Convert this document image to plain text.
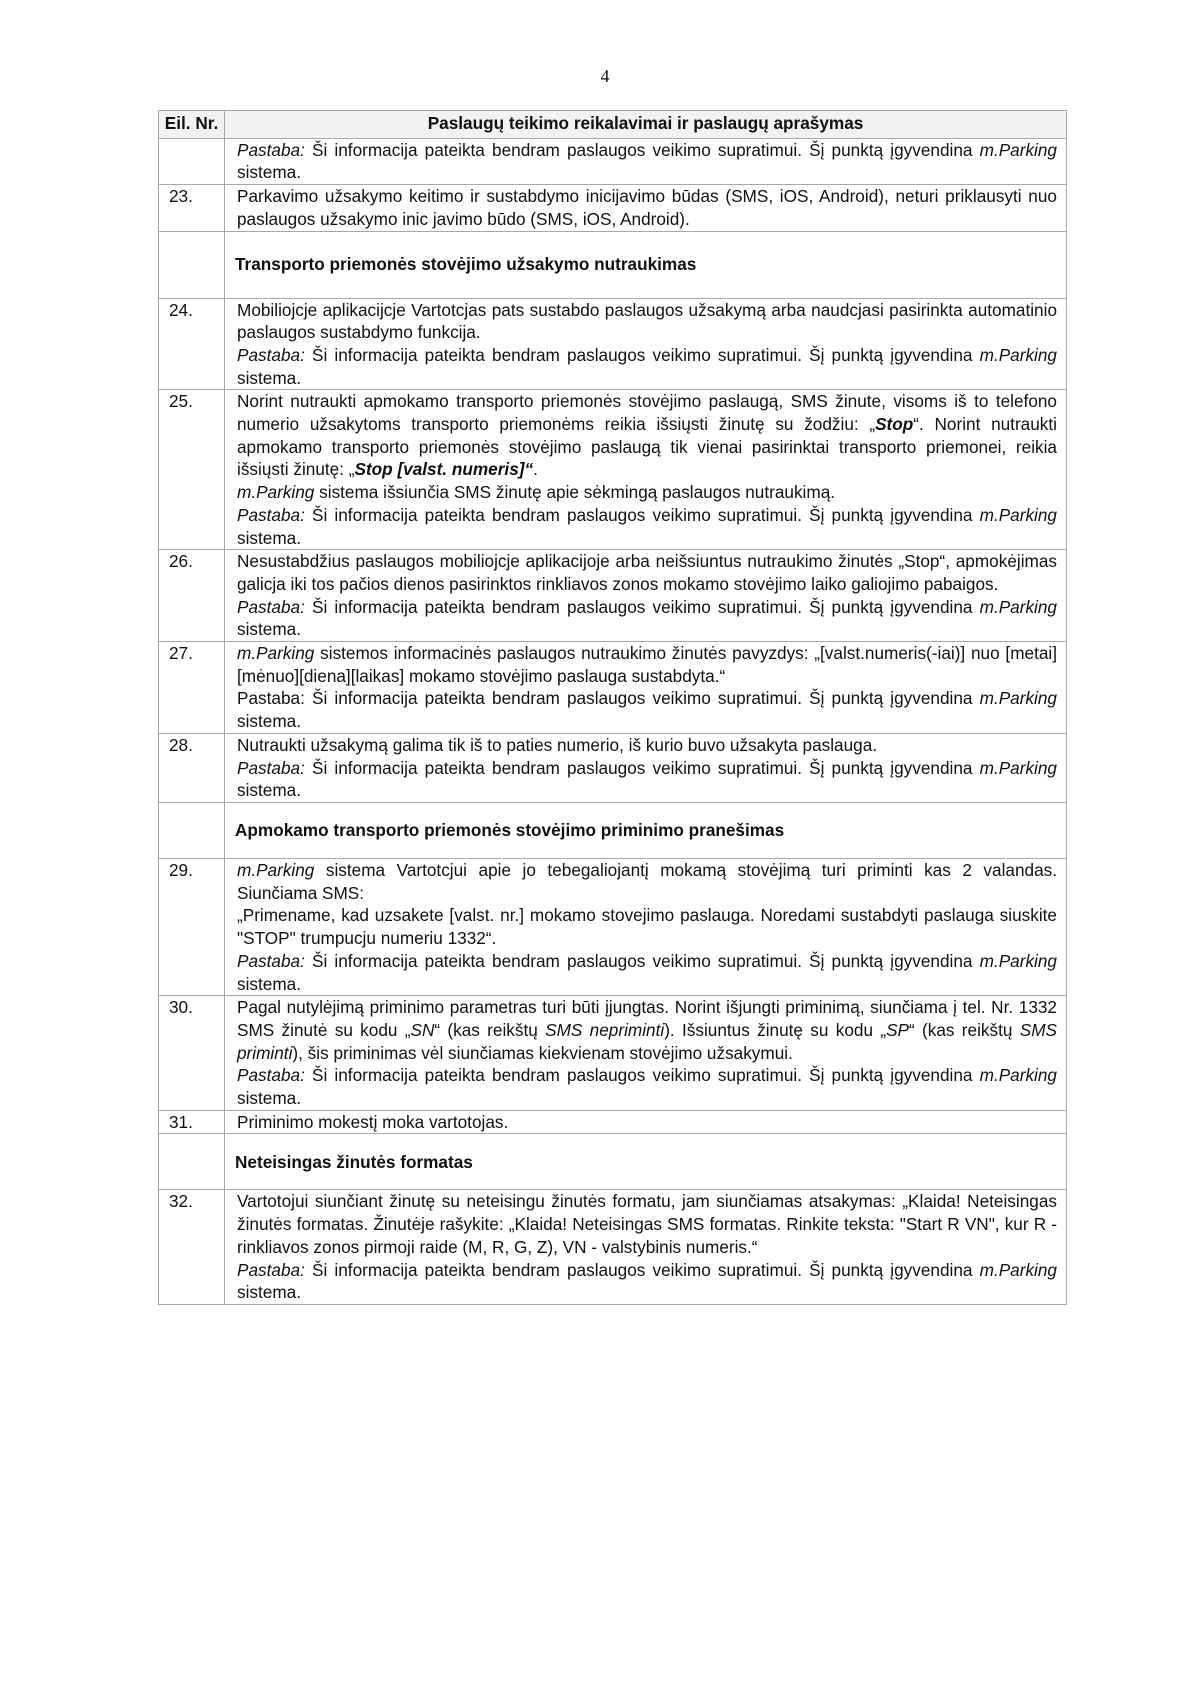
4
Eil. Nr.	Paslaugų teikimo reikalavimai ir paslaugų aprašymas

	Pastaba: Ši informacija pateikta bendram paslaugos veikimo supratimui. Šį punktą įgyvendina m.Parking sistema.

23.	Parkavimo užsakymo keitimo ir sustabdymo inicijavimo būdas (SMS, iOS, Android), neturi priklausyti nuo paslaugos užsakymo inic javimo būdo (SMS, iOS, Android).

	Transporto priemonės stovėjimo užsakymo nutraukimas
24.	Mobiliojcje aplikacijcje Vartotcjas pats sustabdo paslaugos užsakymą arba naudcjasi pasirinkta automatinio paslaugos sustabdymo funkcija.

Pastaba: Ši informacija pateikta bendram paslaugos veikimo supratimui. Šį punktą įgyvendina m.Parking sistema.

25.	Norint nutraukti apmokamo transporto priemonės stovėjimo paslaugą, SMS žinute, visoms iš to telefono numerio užsakytoms transporto priemonėms reikia išsiųsti žinutę su žodžiu: „Stop“. Norint nutraukti apmokamo transporto priemonės stovėjimo paslaugą tik vienai pasirinktai transporto priemonei, reikia išsiųsti žinutę: „Stop [valst. numeris]“.

m.Parking sistema išsiunčia SMS žinutę apie sėkmingą paslaugos nutraukimą.

Pastaba: Ši informacija pateikta bendram paslaugos veikimo supratimui. Šį punktą įgyvendina m.Parking sistema.

26.	Nesustabdžius paslaugos mobiliojcje aplikacijoje arba neišsiuntus nutraukimo žinutės „Stop“, apmokėjimas galicja iki tos pačios dienos pasirinktos rinkliavos zonos mokamo stovėjimo laiko galiojimo pabaigos.

Pastaba: Ši informacija pateikta bendram paslaugos veikimo supratimui. Šį punktą įgyvendina m.Parking sistema.

27.	m.Parking sistemos informacinės paslaugos nutraukimo žinutės pavyzdys: „[valst.numeris(-iai)] nuo [metai][mėnuo][diena][laikas] mokamo stovėjimo paslauga sustabdyta.“

Pastaba: Ši informacija pateikta bendram paslaugos veikimo supratimui. Šį punktą įgyvendina m.Parking sistema.

28.	Nutraukti užsakymą galima tik iš to paties numerio, iš kurio buvo užsakyta paslauga.

Pastaba: Ši informacija pateikta bendram paslaugos veikimo supratimui. Šį punktą įgyvendina m.Parking sistema.

	Apmokamo transporto priemonės stovėjimo priminimo pranešimas
29.	m.Parking sistema Vartotcjui apie jo tebegaliojantį mokamą stovėjimą turi priminti kas 2 valandas. Siunčiama SMS:

„Primename, kad uzsakete [valst. nr.] mokamo stovejimo paslauga. Noredami sustabdyti paslauga siuskite "STOP" trumpucju numeriu 1332“.

Pastaba: Ši informacija pateikta bendram paslaugos veikimo supratimui. Šį punktą įgyvendina m.Parking sistema.

30.	Pagal nutylėjimą priminimo parametras turi būti įjungtas. Norint išjungti priminimą, siunčiama į tel. Nr. 1332 SMS žinutė su kodu „SN“ (kas reikštų SMS nepriminti). Išsiuntus žinutę su kodu „SP“ (kas reikštų SMS priminti), šis priminimas vėl siunčiamas kiekvienam stovėjimo užsakymui.

Pastaba: Ši informacija pateikta bendram paslaugos veikimo supratimui. Šį punktą įgyvendina m.Parking sistema.

31.	Priminimo mokestį moka vartotojas.

	Neteisingas žinutės formatas
32.	Vartotojui siunčiant žinutę su neteisingu žinutės formatu, jam siunčiamas atsakymas: „Klaida! Neteisingas žinutės formatas. Žinutėje rašykite: „Klaida! Neteisingas SMS formatas. Rinkite teksta: "Start R VN", kur R - rinkliavos zonos pirmoji raide (M, R, G, Z), VN - valstybinis numeris.“

Pastaba: Ši informacija pateikta bendram paslaugos veikimo supratimui. Šį punktą įgyvendina m.Parking sistema.
